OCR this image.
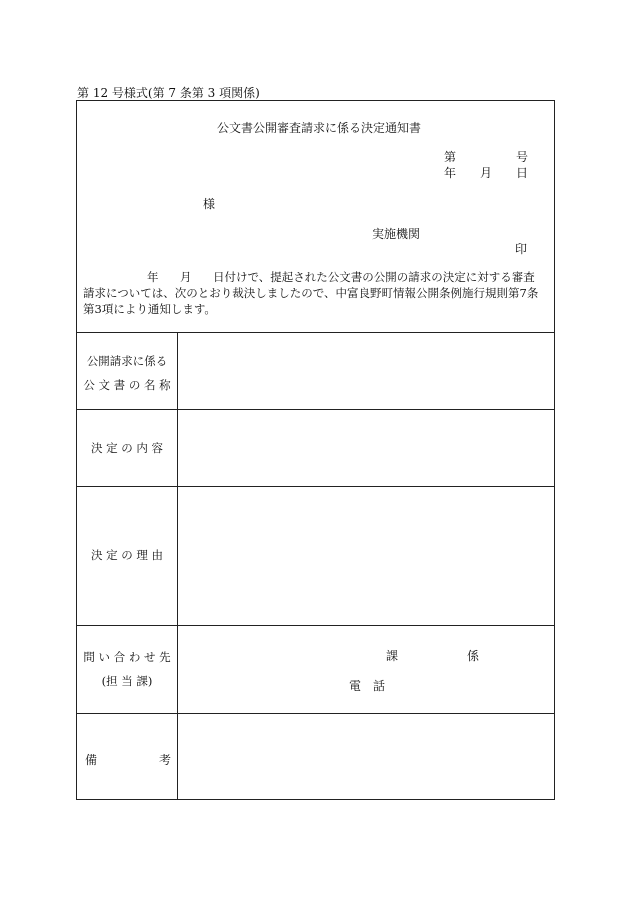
第 12 号様式(第 7 条第 3 項関係)
公文書公開審査請求に係る決定通知書
第	号
年 月 日
様
実施機関
印
年 月 日付けで、提起された公文書の公開の請求の決定に対する審査
請求については、次のとおり裁決しましたので、中富良野町情報公開条例施行規則第7条
第3項により通知します。
公開請求に係る
公 文 書 の 名 称
決 定 の 内 容
決 定 の 理 由
問 い 合 わ せ 先
(担 当 課)
課	係
電　話
備	考
